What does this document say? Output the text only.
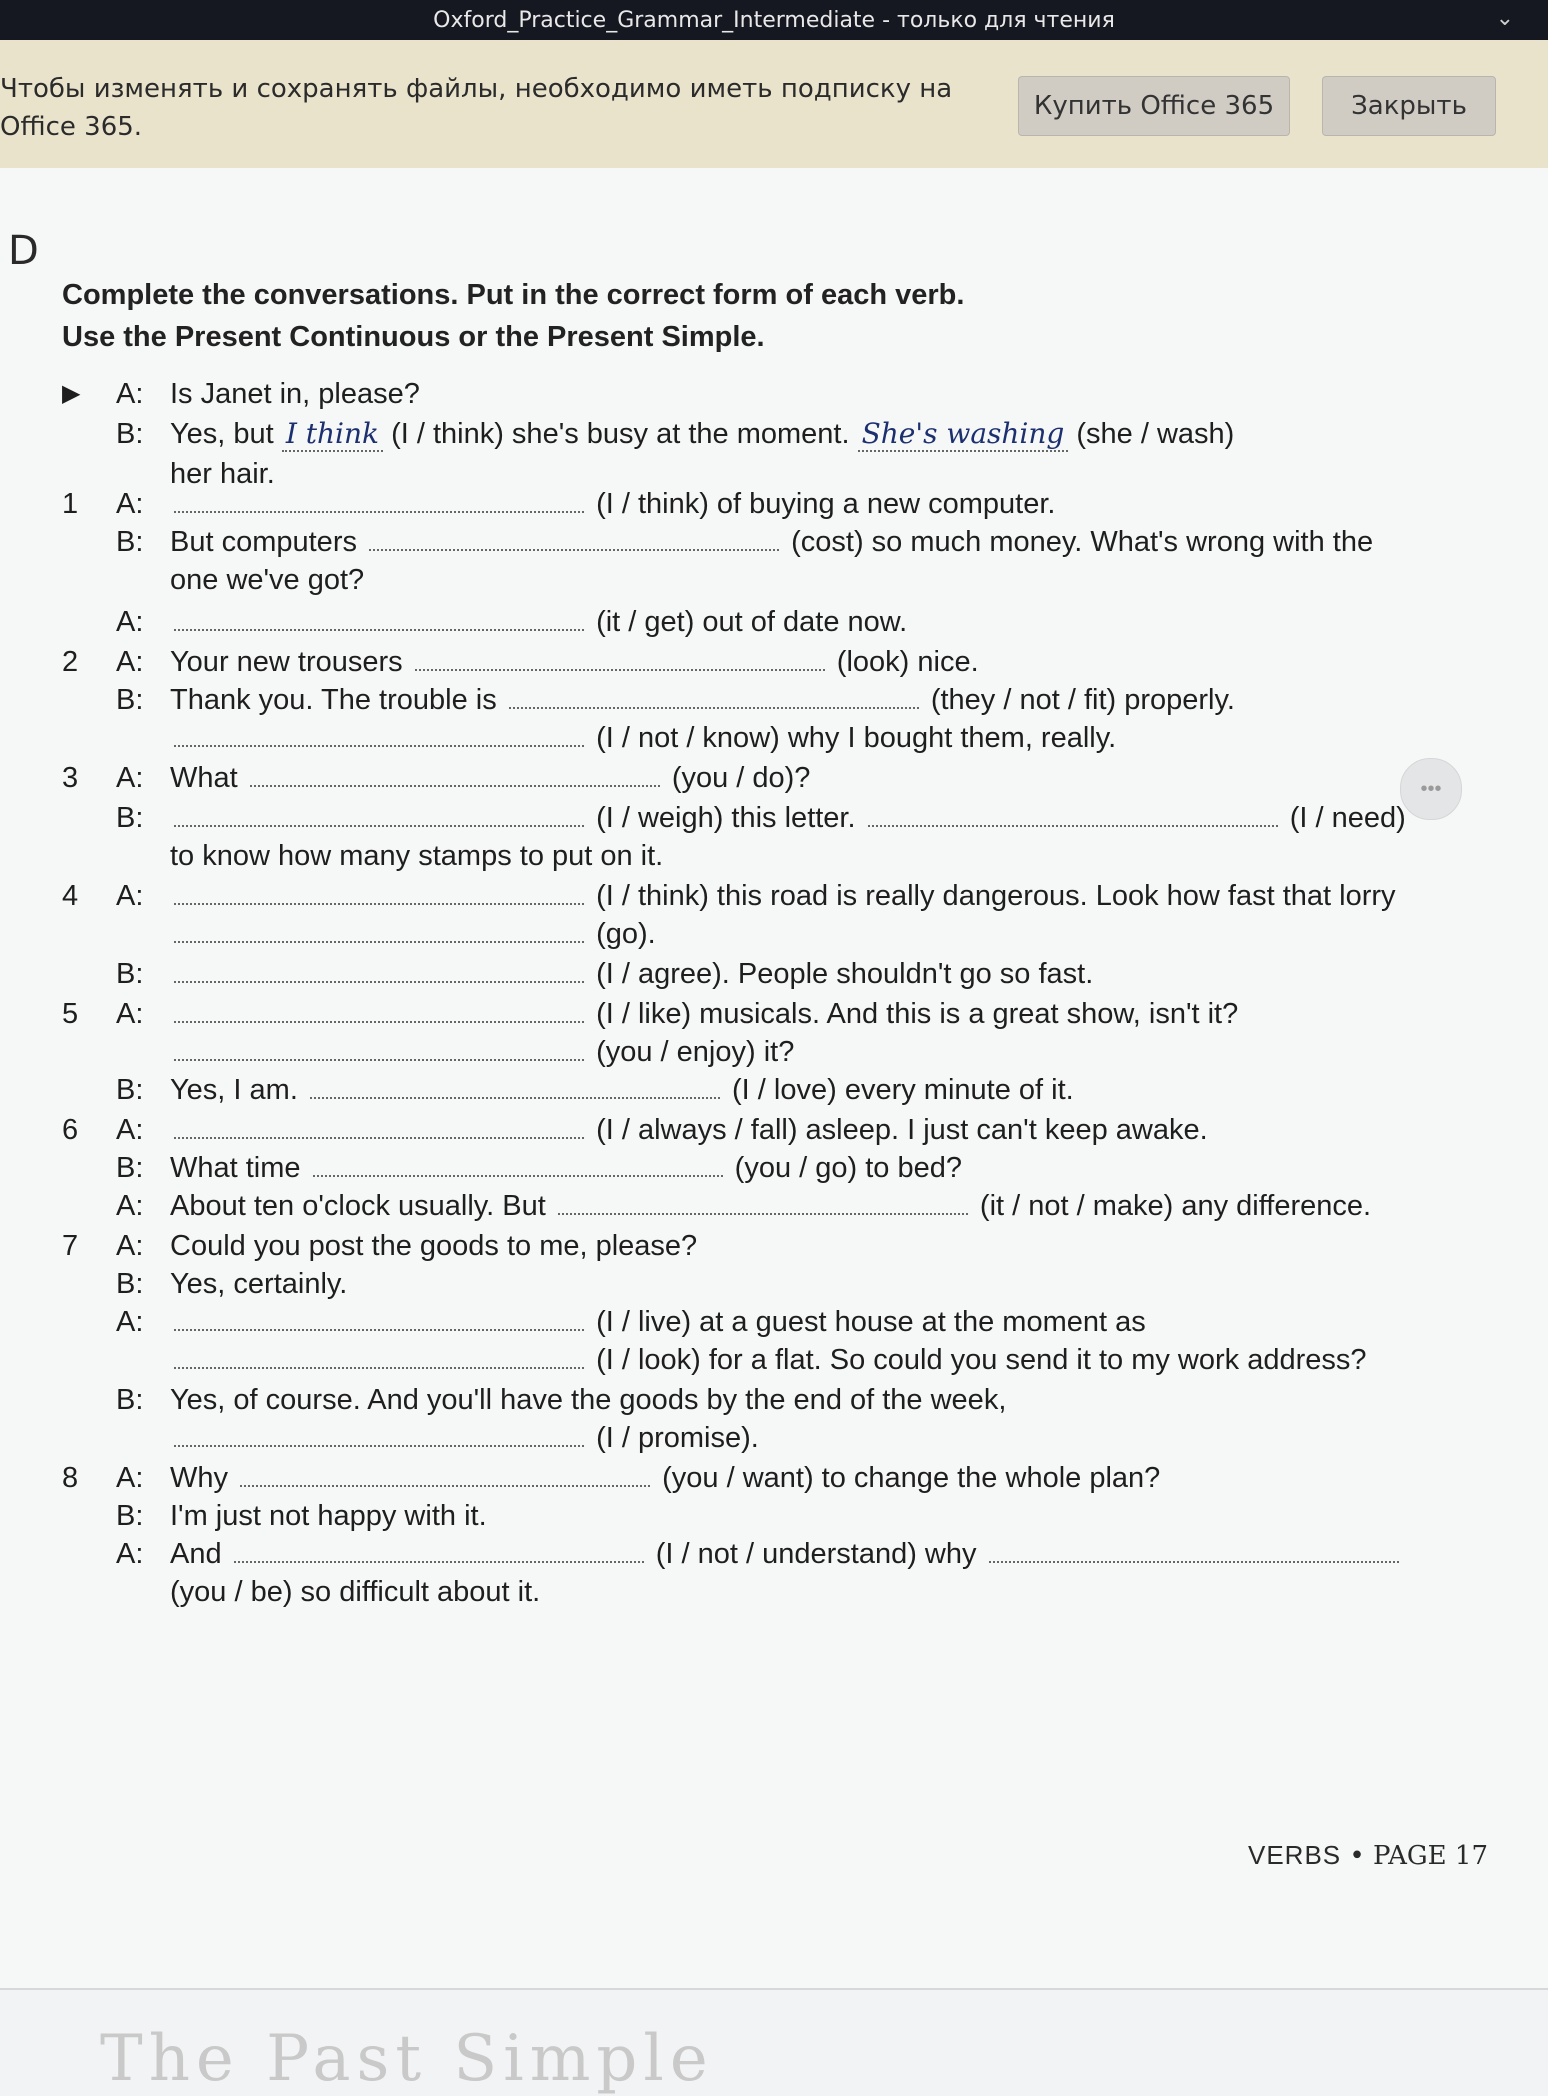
Oxford_Practice_Grammar_Intermediate - только для чтения	⌄
Чтобы изменять и сохранять файлы, необходимо иметь подписку на Office 365.
Купить Office 365	Закрыть
D
Complete the conversations. Put in the correct form of each verb.
Use the Present Continuous or the Present Simple.
▶ A: Is Janet in, please?
B: Yes, but I think (I / think) she's busy at the moment. She's washing (she / wash)
her hair.
1 A:	(I / think) of buying a new computer.
B: But computers	(cost) so much money. What's wrong with the
one we've got?
A:	(it / get) out of date now.
2 A: Your new trousers	(look) nice.
B: Thank you. The trouble is	(they / not / fit) properly.
(I / not / know) why I bought them, really.
3 A: What	(you / do)?
B:	(I / weigh) this letter.	(I / need)
to know how many stamps to put on it.
•••
4 A:	(I / think) this road is really dangerous. Look how fast that lorry
(go).
B:	(I / agree). People shouldn't go so fast.
5 A:	(I / like) musicals. And this is a great show, isn't it?
(you / enjoy) it?
B: Yes, I am.	(I / love) every minute of it.
6 A:	(I / always / fall) asleep. I just can't keep awake.
B: What time	(you / go) to bed?
A: About ten o'clock usually. But	(it / not / make) any difference.
7 A: Could you post the goods to me, please?
B: Yes, certainly.
A:	(I / live) at a guest house at the moment as
(I / look) for a flat. So could you send it to my work address?
B: Yes, of course. And you'll have the goods by the end of the week,
(I / promise).
8 A: Why	(you / want) to change the whole plan?
B: I'm just not happy with it.
A: And	(I / not / understand) why
(you / be) so difficult about it.
VERBS • PAGE 17
The Past Simple
